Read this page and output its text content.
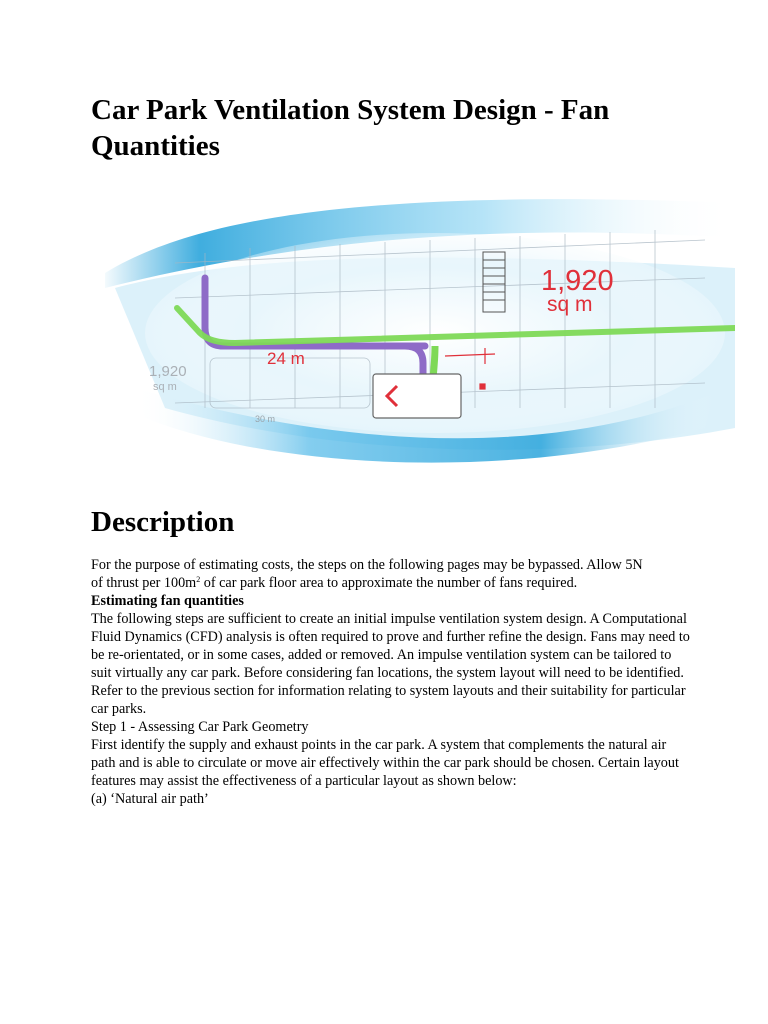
Car Park Ventilation System Design - Fan Quantities
1,920
sq m
1,920
sq m
24 m
30 m
Description

For the purpose of estimating costs, the steps on the following pages may be bypassed. Allow 5N
of thrust per $100m^2$ of car park floor area to approximate the number of fans required.

Estimating fan quantities

The following steps are sufficient to create an initial impulse ventilation system design. A Computational Fluid Dynamics (CFD) analysis is often required to prove and further refine the design. Fans may need to be re-orientated, or in some cases, added or removed. An impulse ventilation system can be tailored to suit virtually any car park. Before considering fan locations, the system layout will need to be identified. Refer to the previous section for information relating to system layouts and their suitability for particular car parks.

Step 1 - Assessing Car Park Geometry

First identify the supply and exhaust points in the car park. A system that complements the natural air path and is able to circulate or move air effectively within the car park should be chosen. Certain layout features may assist the effectiveness of a particular layout as shown below:

(a) ‘Natural air path’
